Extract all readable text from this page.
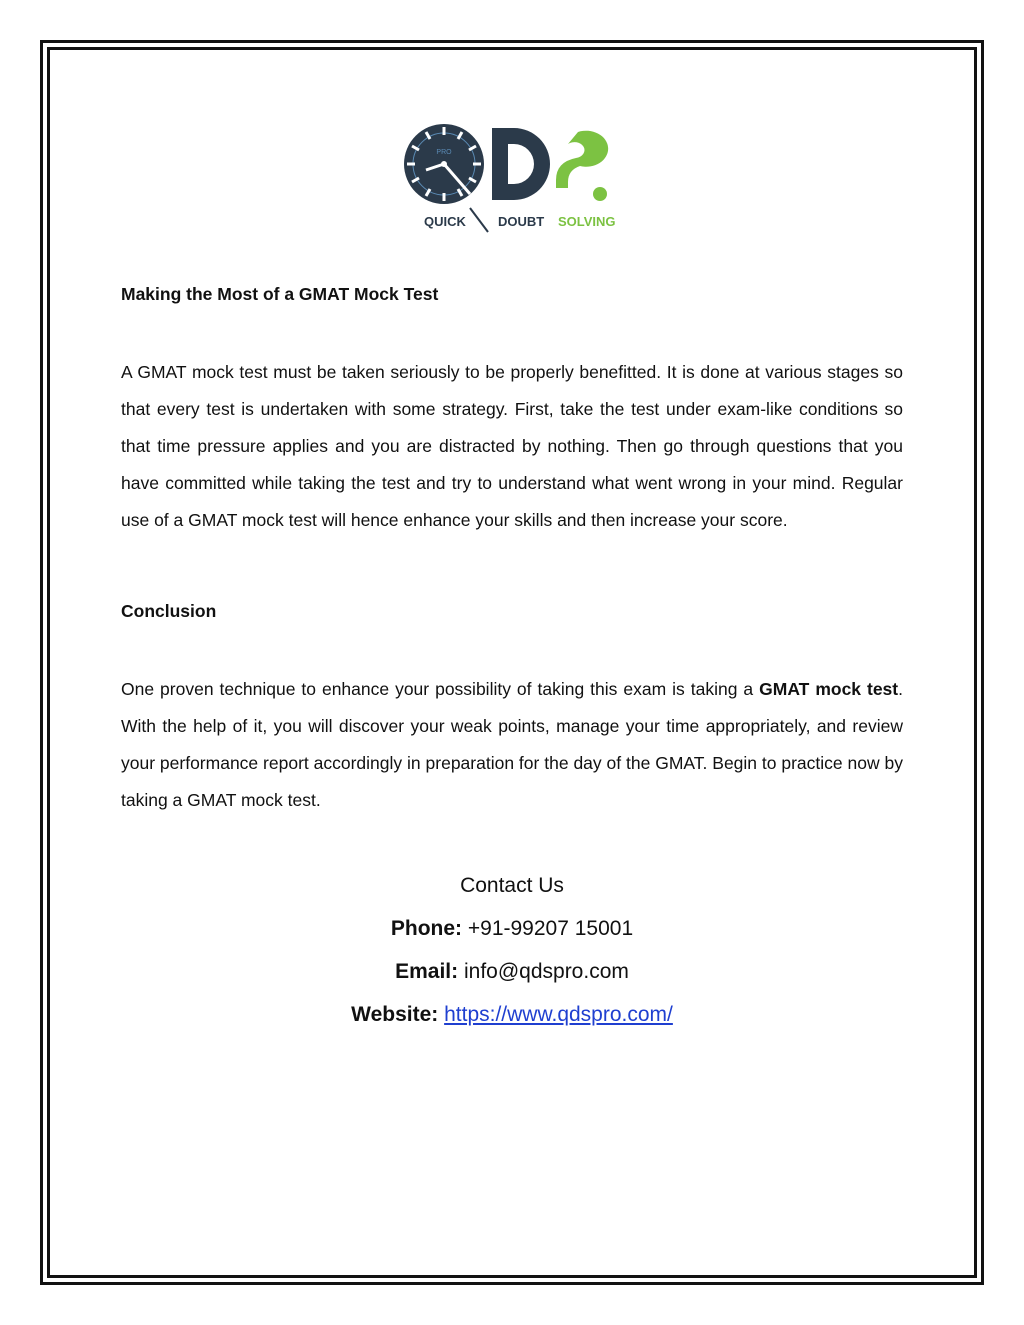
PRO
QUICK DOUBT SOLVING

Making the Most of a GMAT Mock Test

A GMAT mock test must be taken seriously to be properly benefitted. It is done at various stages so that every test is undertaken with some strategy. First, take the test under exam-like conditions so that time pressure applies and you are distracted by nothing. Then go through questions that you have committed while taking the test and try to understand what went wrong in your mind. Regular use of a GMAT mock test will hence enhance your skills and then increase your score.

Conclusion

One proven technique to enhance your possibility of taking this exam is taking a GMAT mock test. With the help of it, you will discover your weak points, manage your time appropriately, and review your performance report accordingly in preparation for the day of the GMAT. Begin to practice now by taking a GMAT mock test.

Contact Us
Phone: +91-99207 15001
Email: info@qdspro.com
Website: https://www.qdspro.com/
